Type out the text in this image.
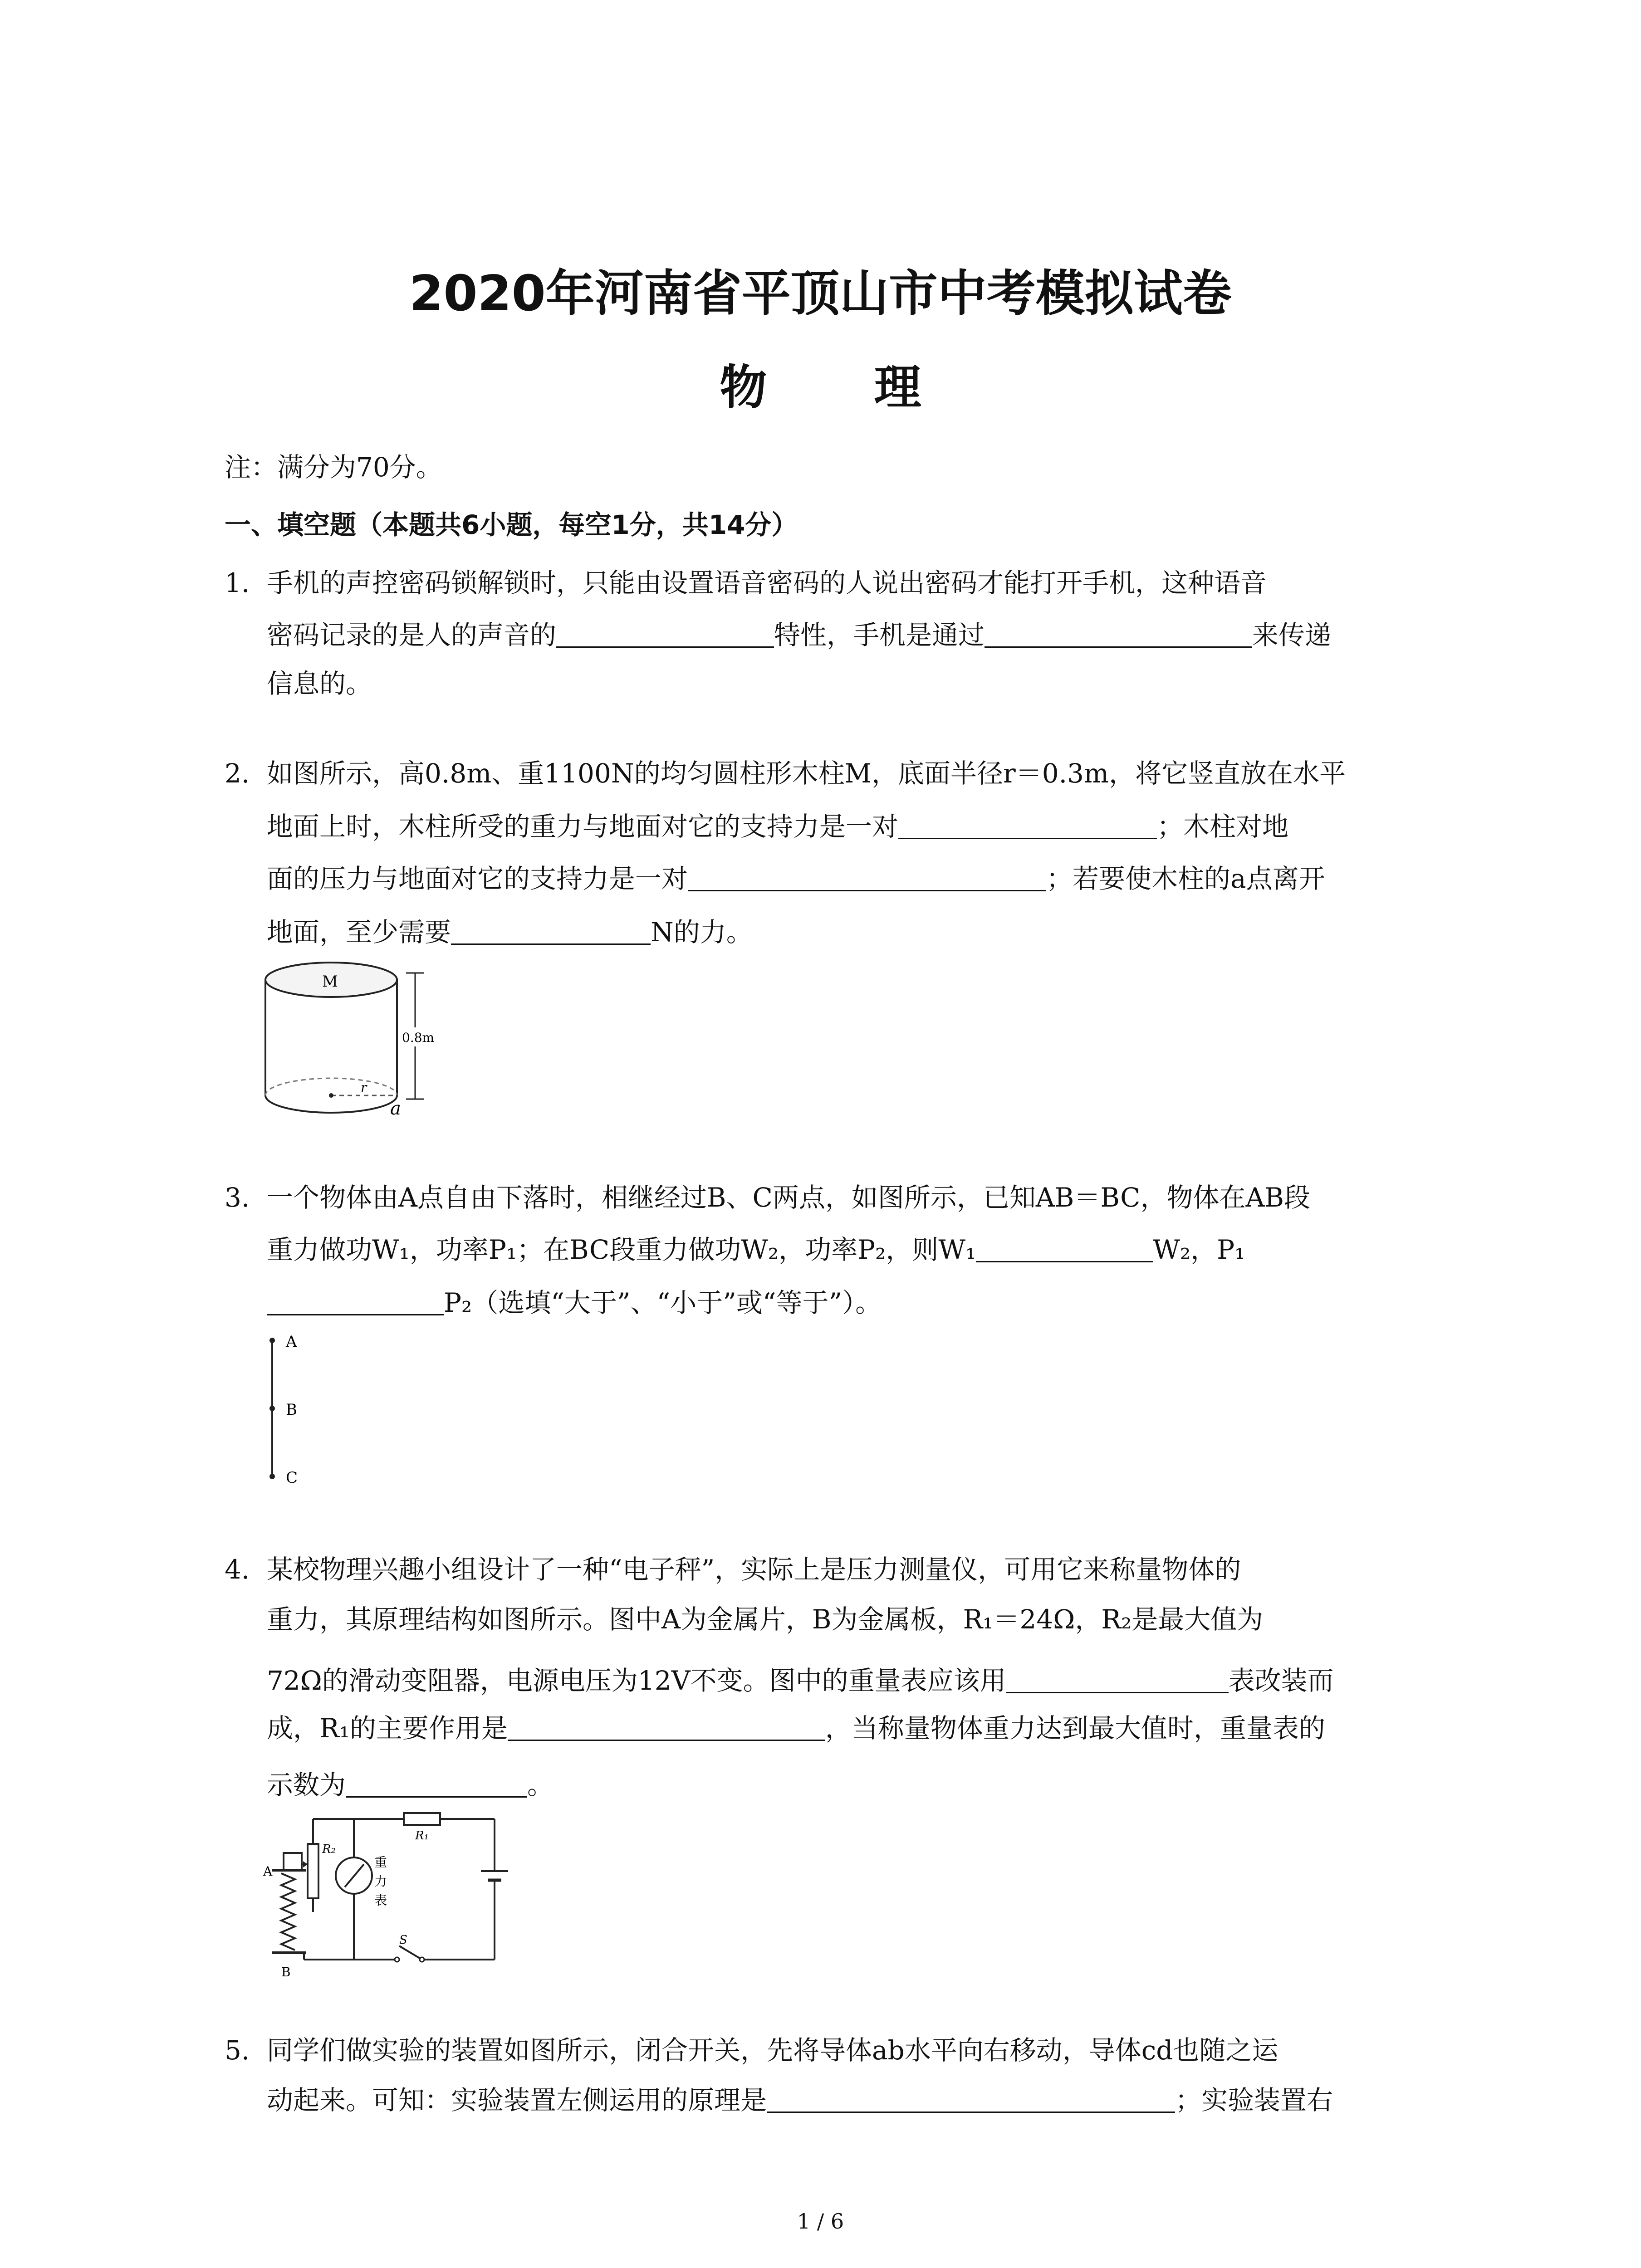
2020年河南省平顶山市中考模拟试卷
物 理
注：满分为70分。
一、填空题（本题共6小题，每空1分，共14分）
1. 手机的声控密码锁解锁时，只能由设置语音密码的人说出密码才能打开手机，这种语音
密码记录的是人的声音的	特性，手机是通过	来传递
信息的。
2. 如图所示，高0.8m、重1100N的均匀圆柱形木柱M，底面半径r＝0.3m，将它竖直放在水平
地面上时，木柱所受的重力与地面对它的支持力是一对	；木柱对地
面的压力与地面对它的支持力是一对	；若要使木柱的a点离开
地面，至少需要	N的力。
M
0.8m
r
a
3. 一个物体由A点自由下落时，相继经过B、C两点，如图所示，已知AB＝BC，物体在AB段
重力做功W₁，功率P₁；在BC段重力做功W₂，功率P₂，则W₁	W₂，P₁
P₂（选填“大于”、“小于”或“等于”）。
A
B
C
4. 某校物理兴趣小组设计了一种“电子秤”，实际上是压力测量仪，可用它来称量物体的
重力，其原理结构如图所示。图中A为金属片，B为金属板，R₁＝24Ω，R₂是最大值为
72Ω的滑动变阻器，电源电压为12V不变。图中的重量表应该用	表改装而
成，R₁的主要作用是	，当称量物体重力达到最大值时，重量表的
示数为	。
R₁
S
R₂
重
力
表
A
B
5. 同学们做实验的装置如图所示，闭合开关，先将导体ab水平向右移动，导体cd也随之运
动起来。可知：实验装置左侧运用的原理是	；实验装置右
1 / 6
